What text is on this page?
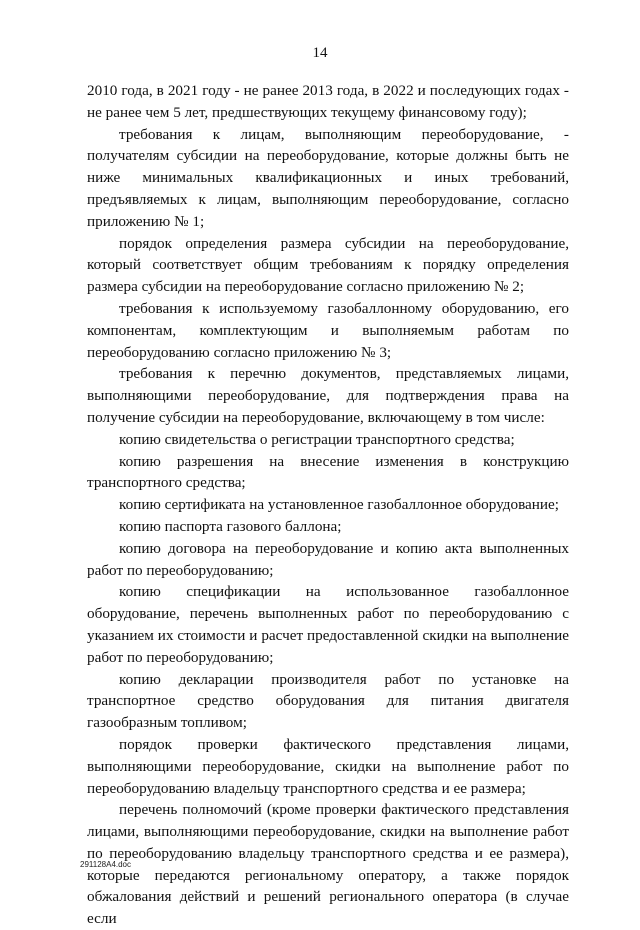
14

2010 года, в 2021 году - не ранее 2013 года, в 2022 и последующих годах - не ранее чем 5 лет, предшествующих текущему финансовому году);

требования к лицам, выполняющим переоборудование, - получателям субсидии на переоборудование, которые должны быть не ниже минимальных квалификационных и иных требований, предъявляемых к лицам, выполняющим переоборудование, согласно приложению № 1;

порядок определения размера субсидии на переоборудование, который соответствует общим требованиям к порядку определения размера субсидии на переоборудование согласно приложению № 2;

требования к используемому газобаллонному оборудованию, его компонентам, комплектующим и выполняемым работам по переоборудованию согласно приложению № 3;

требования к перечню документов, представляемых лицами, выполняющими переоборудование, для подтверждения права на получение субсидии на переоборудование, включающему в том числе:

копию свидетельства о регистрации транспортного средства;

копию разрешения на внесение изменения в конструкцию транспортного средства;

копию сертификата на установленное газобаллонное оборудование;

копию паспорта газового баллона;

копию договора на переоборудование и копию акта выполненных работ по переоборудованию;

копию спецификации на использованное газобаллонное оборудование, перечень выполненных работ по переоборудованию с указанием их стоимости и расчет предоставленной скидки на выполнение работ по переоборудованию;

копию декларации производителя работ по установке на транспортное средство оборудования для питания двигателя газообразным топливом;

порядок проверки фактического представления лицами, выполняющими переоборудование, скидки на выполнение работ по переоборудованию владельцу транспортного средства и ее размера;

перечень полномочий (кроме проверки фактического представления лицами, выполняющими переоборудование, скидки на выполнение работ по переоборудованию владельцу транспортного средства и ее размера), которые передаются региональному оператору, а также порядок обжалования действий и решений регионального оператора (в случае если

291128A4.doc
